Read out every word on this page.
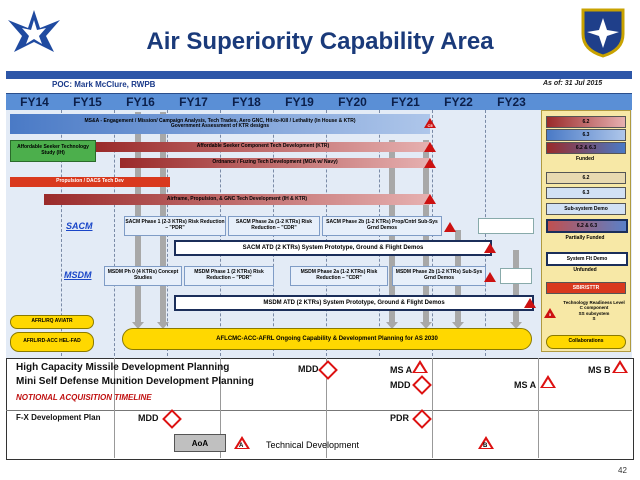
Air Superiority Capability Area
POC: Mark McClure, RWPB	As of: 31 Jul 2015
FY14	FY15	FY16	FY17	FY18	FY19	FY20	FY21	FY22	FY23
MS&A - Engagement / Mission/ Campaign Analysis, Tech Trades, Aero GNC, Hit-to-Kill / Lethality (In House & KTR)
Government Assessment of KTR designs
Affordable Seeker Technology Study (IH)
Affordable Seeker Component Tech Development (KTR)
Ordnance / Fuzing Tech Development (MOA w/ Navy)
Propulsion / DACS Tech Dev
Airframe, Propulsion, & GNC Tech Development (IH & KTR)
C5
SACM	SACM Phase 1 (2-3 KTRs) Risk Reduction – "PDR"
SACM Phase 2a (1-2 KTRs) Risk Reduction – "CDR"
SACM Phase 2b (1-2 KTRs) Prop/Cntrl Sub-Sys Grnd Demos
SACM ATD (2 KTRs) System Prototype, Ground & Flight Demos
MSDM	MSDM Ph 0 (4 KTRs) Concept Studies
MSDM Phase 1 (2 KTRs) Risk Reduction – "PDR"
MSDM Phase 2a (1-2 KTRs) Risk Reduction – "CDR"
MSDM Phase 2b (1-2 KTRs) Sub-Sys Grnd Demos
MSDM ATD (2 KTRs) System Prototype, Ground & Flight Demos
AFRL/RQ AVIATR
AFRL/RD-ACC HEL-FAD	AFLCMC-ACC-AFRL Ongoing Capability & Development Planning for AS 2030
6.2
6.3
6.2 & 6.3
Funded
6.2
6.3
Sub-system Demo
6.2 & 6.3
Partially Funded
System Flt Demo
Unfunded
SBIR/STTR
5
Technology Readiness Level
C component
SS subsystem
S
Collaborations
High Capacity Missile Development Planning
Mini Self Defense Munition Development Planning
NOTIONAL ACQUISITION TIMELINE
F-X Development Plan
MDD	MS A	MS B
MDD	MS A
MDD	PDR
AoA	A	Technical Development	B
42
